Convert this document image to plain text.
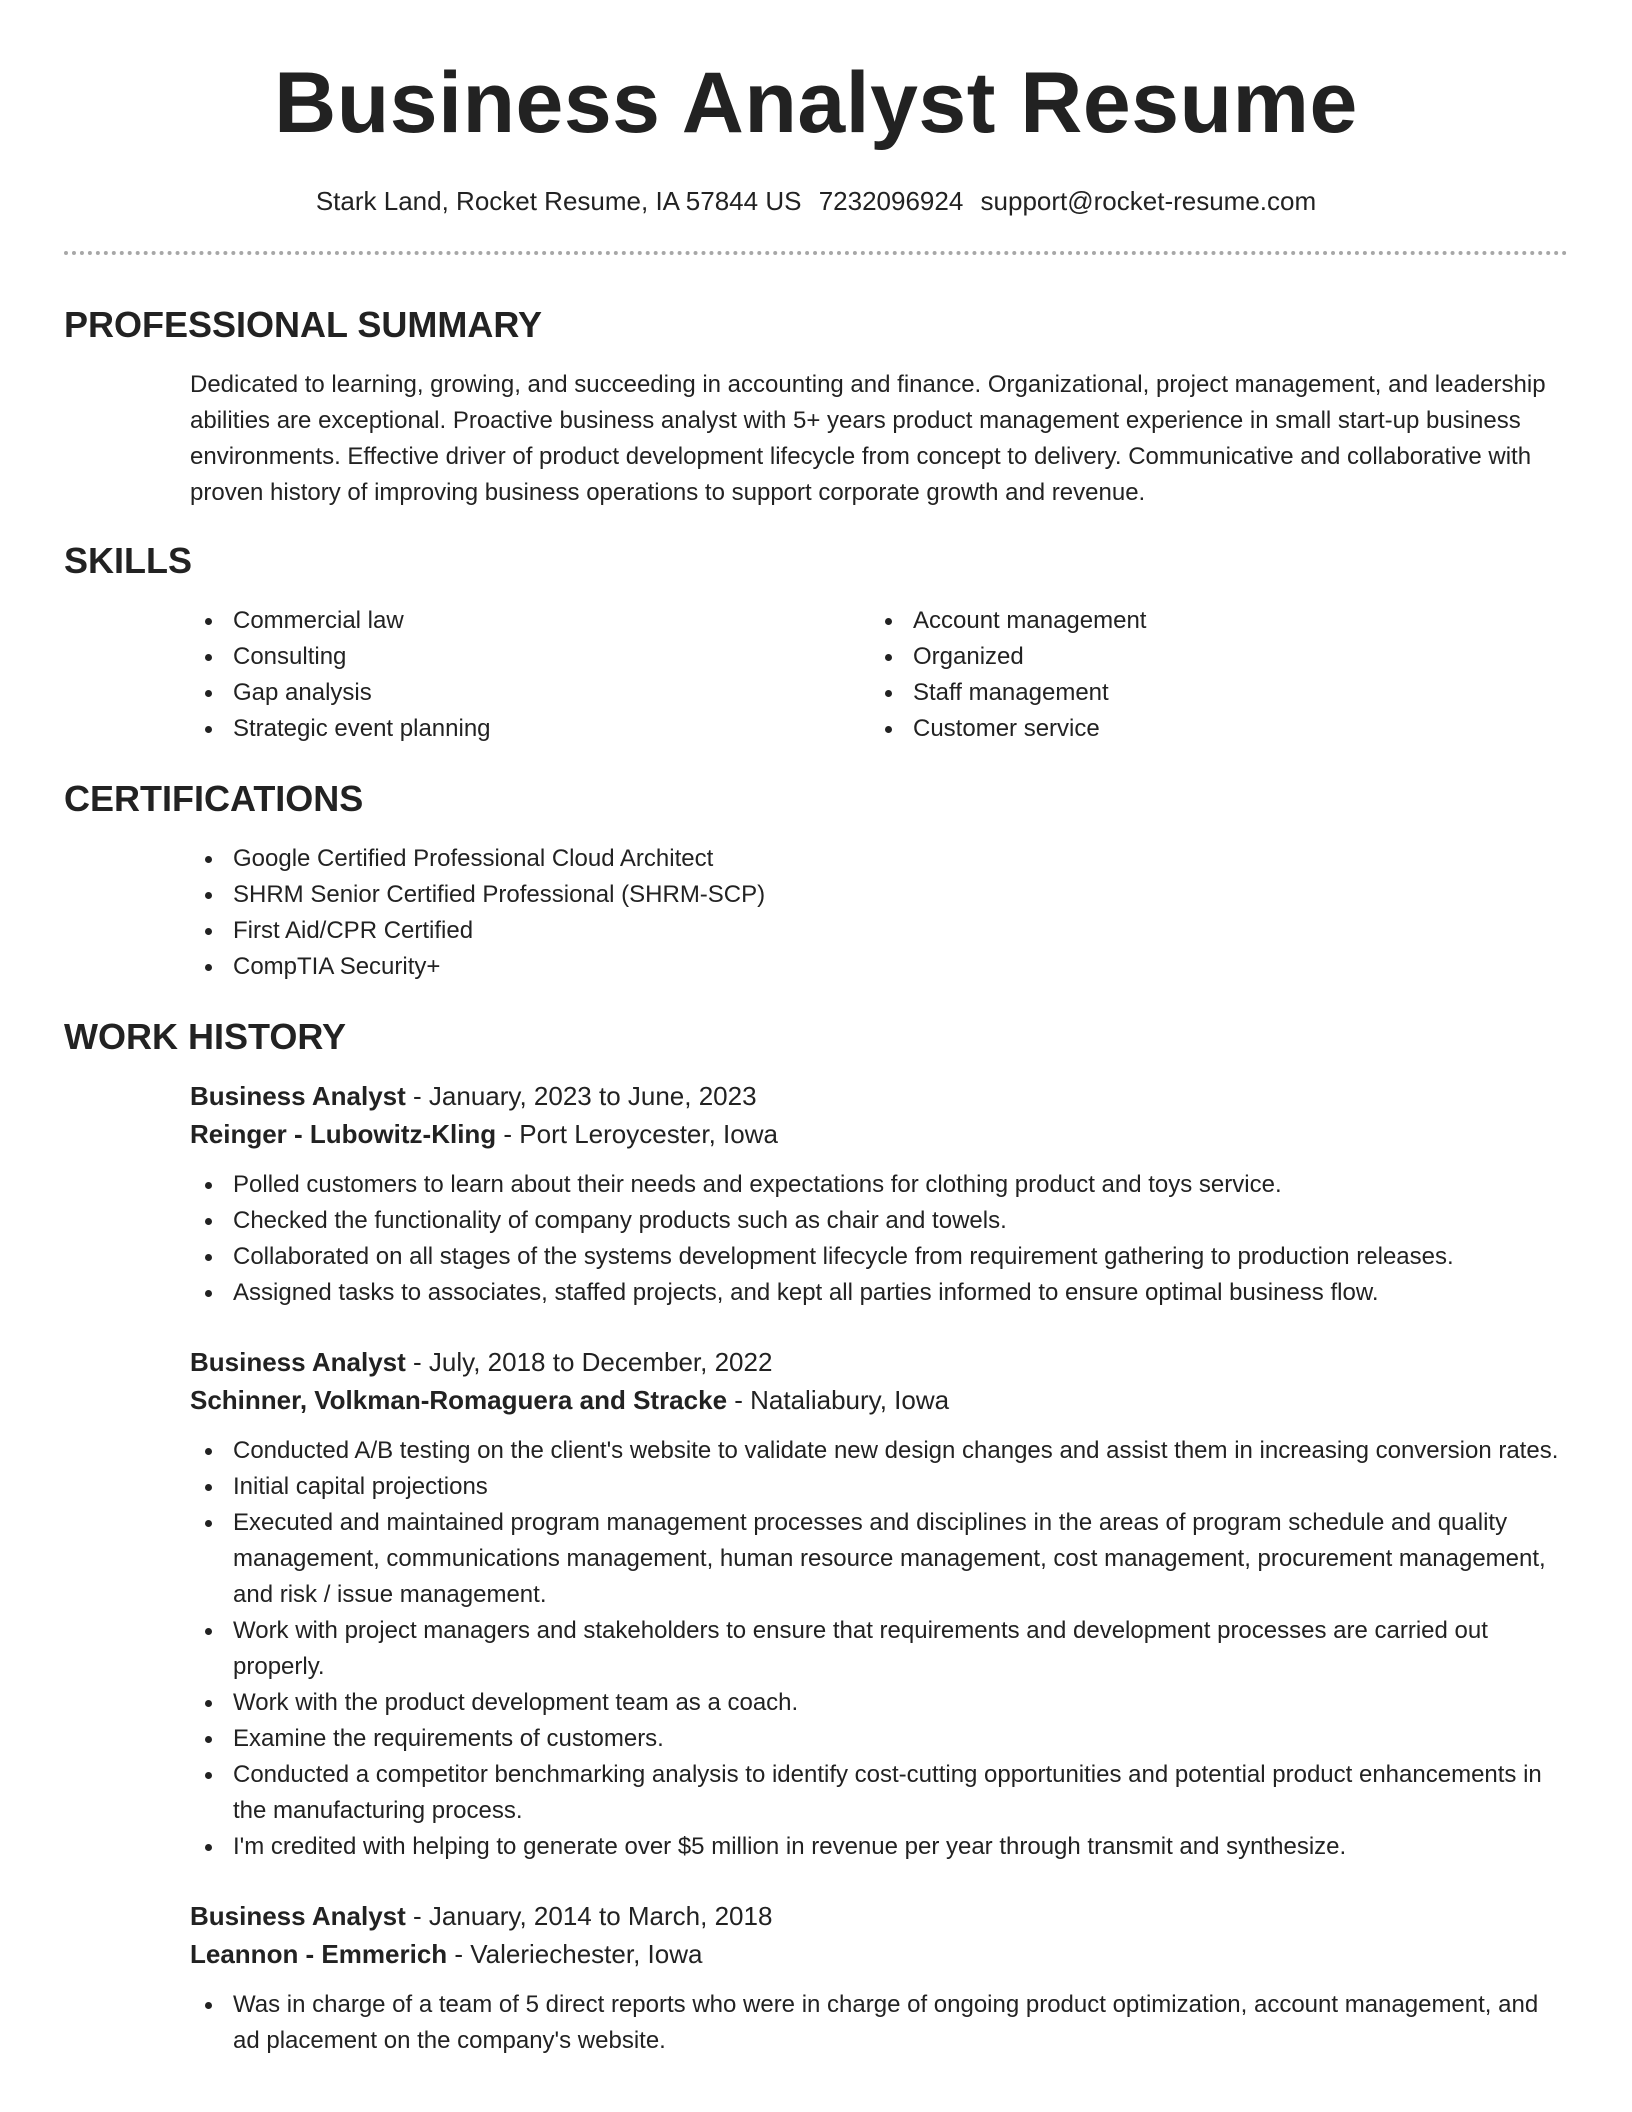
Business Analyst Resume
Stark Land, Rocket Resume, IA 57844 US 7232096924 support@rocket-resume.com
PROFESSIONAL SUMMARY

Dedicated to learning, growing, and succeeding in accounting and finance. Organizational, project management, and leadership abilities are exceptional. Proactive business analyst with 5+ years product management experience in small start-up business environments. Effective driver of product development lifecycle from concept to delivery. Communicative and collaborative with proven history of improving business operations to support corporate growth and revenue.

SKILLS
Commercial law
Consulting
Gap analysis
Strategic event planning
Account management
Organized
Staff management
Customer service
CERTIFICATIONS
Google Certified Professional Cloud Architect
SHRM Senior Certified Professional (SHRM-SCP)
First Aid/CPR Certified
CompTIA Security+
WORK HISTORY
Business Analyst - January, 2023 to June, 2023
Reinger - Lubowitz-Kling - Port Leroycester, Iowa
Polled customers to learn about their needs and expectations for clothing product and toys service.
Checked the functionality of company products such as chair and towels.
Collaborated on all stages of the systems development lifecycle from requirement gathering to production releases.
Assigned tasks to associates, staffed projects, and kept all parties informed to ensure optimal business flow.
Business Analyst - July, 2018 to December, 2022
Schinner, Volkman-Romaguera and Stracke - Nataliabury, Iowa
Conducted A/B testing on the client's website to validate new design changes and assist them in increasing conversion rates.
Initial capital projections
Executed and maintained program management processes and disciplines in the areas of program schedule and quality management, communications management, human resource management, cost management, procurement management, and risk / issue management.
Work with project managers and stakeholders to ensure that requirements and development processes are carried out properly.
Work with the product development team as a coach.
Examine the requirements of customers.
Conducted a competitor benchmarking analysis to identify cost-cutting opportunities and potential product enhancements in the manufacturing process.
I'm credited with helping to generate over $5 million in revenue per year through transmit and synthesize.
Business Analyst - January, 2014 to March, 2018
Leannon - Emmerich - Valeriechester, Iowa
Was in charge of a team of 5 direct reports who were in charge of ongoing product optimization, account management, and ad placement on the company's website.
